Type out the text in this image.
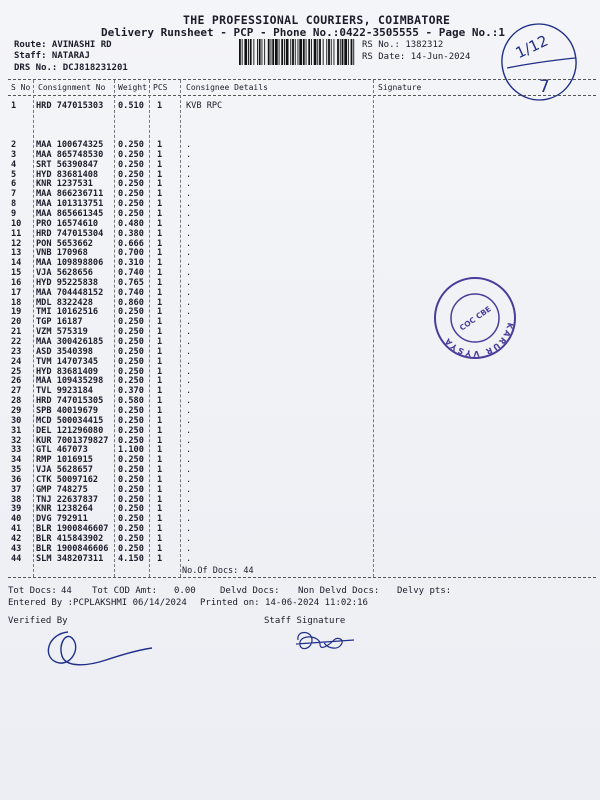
THE PROFESSIONAL COURIERS, COIMBATORE
Delivery Runsheet - PCP - Phone No.:0422-3505555 - Page No.:1
Route: AVINASHI RD
Staff: NATARAJ
DRS No.: DCJ818231201
RS No.: 1382312
RS Date: 14-Jun-2024	1/12
7
S No Consignment No Weight PCS Consignee Details	Signature
1 HRD 747015303 0.510 1	KVB RPC
2 MAA 100674325 0.250 1	.
3 MAA 865748530 0.250 1	.
4 SRT 56390847 0.250 1	.
5 HYD 83681408 0.250 1	.
6 KNR 1237531	0.250 1	.
7 MAA 866236711 0.250 1	.
8 MAA 101313751 0.250 1	.
9 MAA 865661345 0.250 1	.
10 PRO 16574610 0.480 1	.
11 HRD 747015304 0.380 1	.
12 PON 5653662	0.666 1	.
13 VNB 170968	0.700 1	.
14 MAA 109898806 0.310 1	.
15 VJA 5628656	0.740 1	.
16 HYD 95225838 0.765 1	.
17 MAA 704448152 0.740 1	.
18 MDL 8322428	0.860 1	.
19 TMI 10162516 0.250 1	.
20 TGP 16187	0.250 1	.
21 VZM 575319	0.250 1	.
22 MAA 300426185 0.250 1	.
23 ASD 3540398	0.250 1	.
24 TVM 14707345 0.250 1	.
25 HYD 83681409 0.250 1	.
26 MAA 109435298 0.250 1	.
27 TVL 9923184	0.370 1	.
28 HRD 747015305 0.580 1	.
29 SPB 40019679 0.250 1	.
30 MCD 500034415 0.250 1	.
31 DEL 121296080 0.250 1	.
32 KUR 7001379827 0.250 1	.
33 GTL 467073	1.100 1	.
34 RMP 1016915	0.250 1	.
35 VJA 5628657	0.250 1	.
36 CTK 50097162 0.250 1	.
37 GMP 748275	0.250 1	.
38 TNJ 22637837 0.250 1	.
39 KNR 1238264	0.250 1	.
40 DVG 792911	0.250 1	.
41 BLR 1900846607 0.250 1	.
42 BLR 415843902 0.250 1	.
43 BLR 1900846606 0.250 1	.
44 SLM 348207311 4.150 1	.
No.Of Docs: 44
Tot Docs: 44 Tot COD Amt: 0.00	Delvd Docs: Non Delvd Docs: Delvy pts:
Entered By :PCPLAKSHMI 06/14/2024 Printed on: 14-06-2024 11:02:16
Verified By	Staff Signature
KARUR VYSYA
COC CBE
